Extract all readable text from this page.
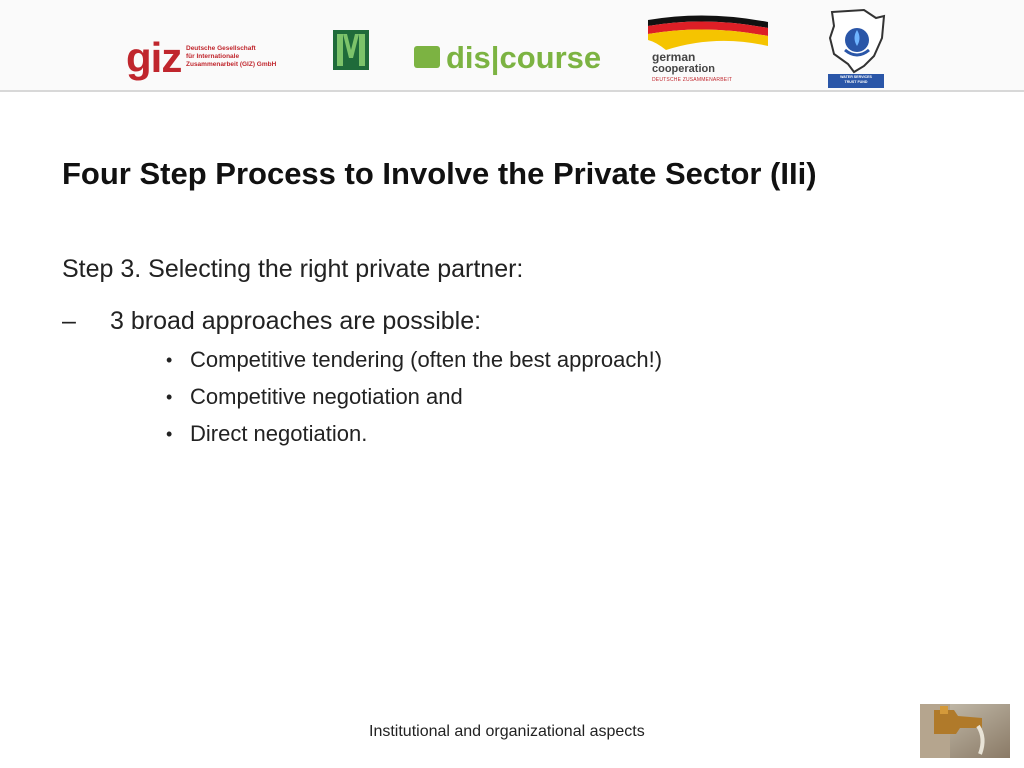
giz Deutsche Gesellschaft
für Internationale
Zusammenarbeit (GIZ) GmbH	dis|course	german
cooperation
DEUTSCHE ZUSAMMENARBEIT	WATER SERVICES
TRUST FUND
Four Step Process to Involve the Private Sector (IIi)
Step 3. Selecting the right private partner:
– 3 broad approaches are possible:
• Competitive tendering (often the best approach!)
• Competitive negotiation and
• Direct negotiation.
Institutional and organizational aspects
